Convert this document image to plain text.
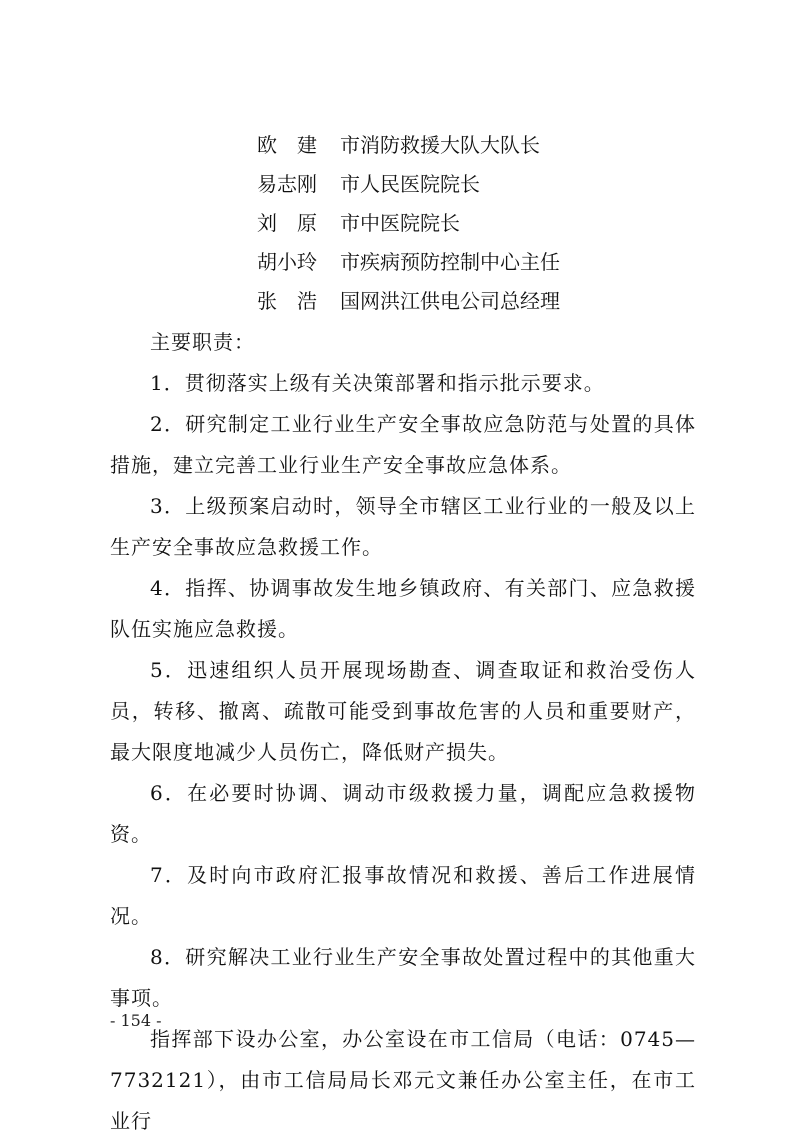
欧　建	市消防救援大队大队长
易志刚	市人民医院院长
刘　原	市中医院院长
胡小玲	市疾病预防控制中心主任
张　浩	国网洪江供电公司总经理

主要职责：

1．贯彻落实上级有关决策部署和指示批示要求。

2．研究制定工业行业生产安全事故应急防范与处置的具体措施，建立完善工业行业生产安全事故应急体系。

3．上级预案启动时，领导全市辖区工业行业的一般及以上生产安全事故应急救援工作。

4．指挥、协调事故发生地乡镇政府、有关部门、应急救援队伍实施应急救援。

5．迅速组织人员开展现场勘查、调查取证和救治受伤人员，转移、撤离、疏散可能受到事故危害的人员和重要财产，最大限度地减少人员伤亡，降低财产损失。

6．在必要时协调、调动市级救援力量，调配应急救援物资。

7．及时向市政府汇报事故情况和救援、善后工作进展情况。

8．研究解决工业行业生产安全事故处置过程中的其他重大事项。

指挥部下设办公室，办公室设在市工信局（电话：0745—7732121），由市工信局局长邓元文兼任办公室主任，在市工业行

- 154 -
